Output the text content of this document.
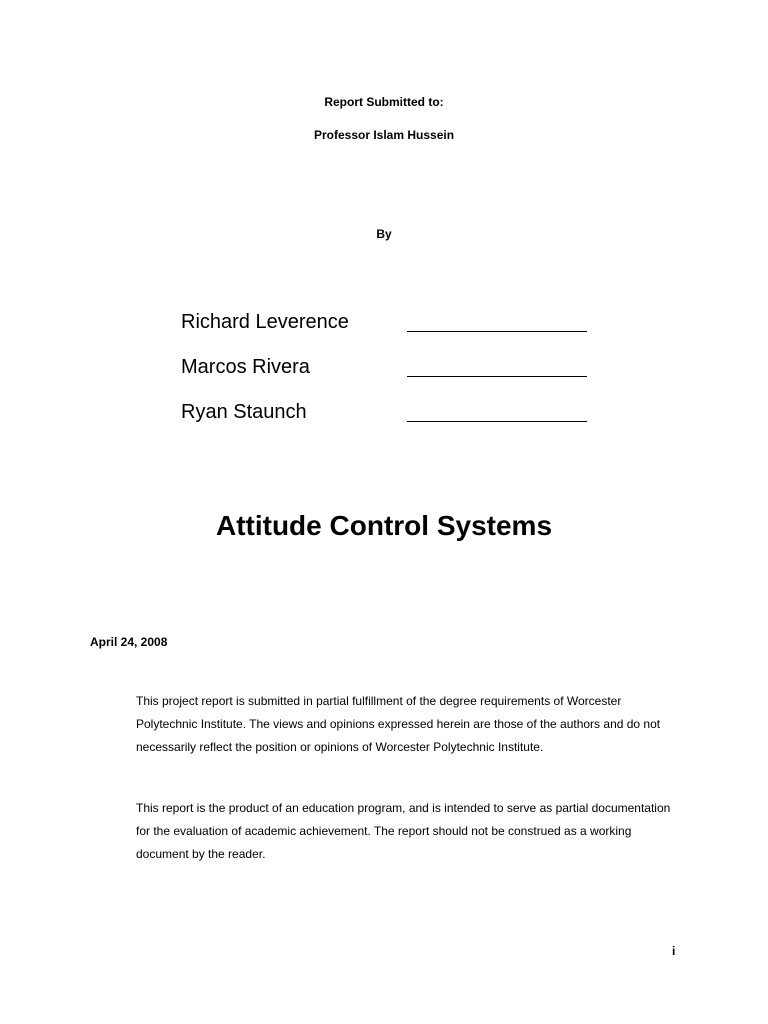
Report Submitted to:
Professor Islam Hussein
By
Richard Leverence
Marcos Rivera
Ryan Staunch
Attitude Control Systems
April 24, 2008

This project report is submitted in partial fulfillment of the degree requirements of Worcester Polytechnic Institute. The views and opinions expressed herein are those of the authors and do not necessarily reflect the position or opinions of Worcester Polytechnic Institute.

This report is the product of an education program, and is intended to serve as partial documentation for the evaluation of academic achievement. The report should not be construed as a working document by the reader.

i
